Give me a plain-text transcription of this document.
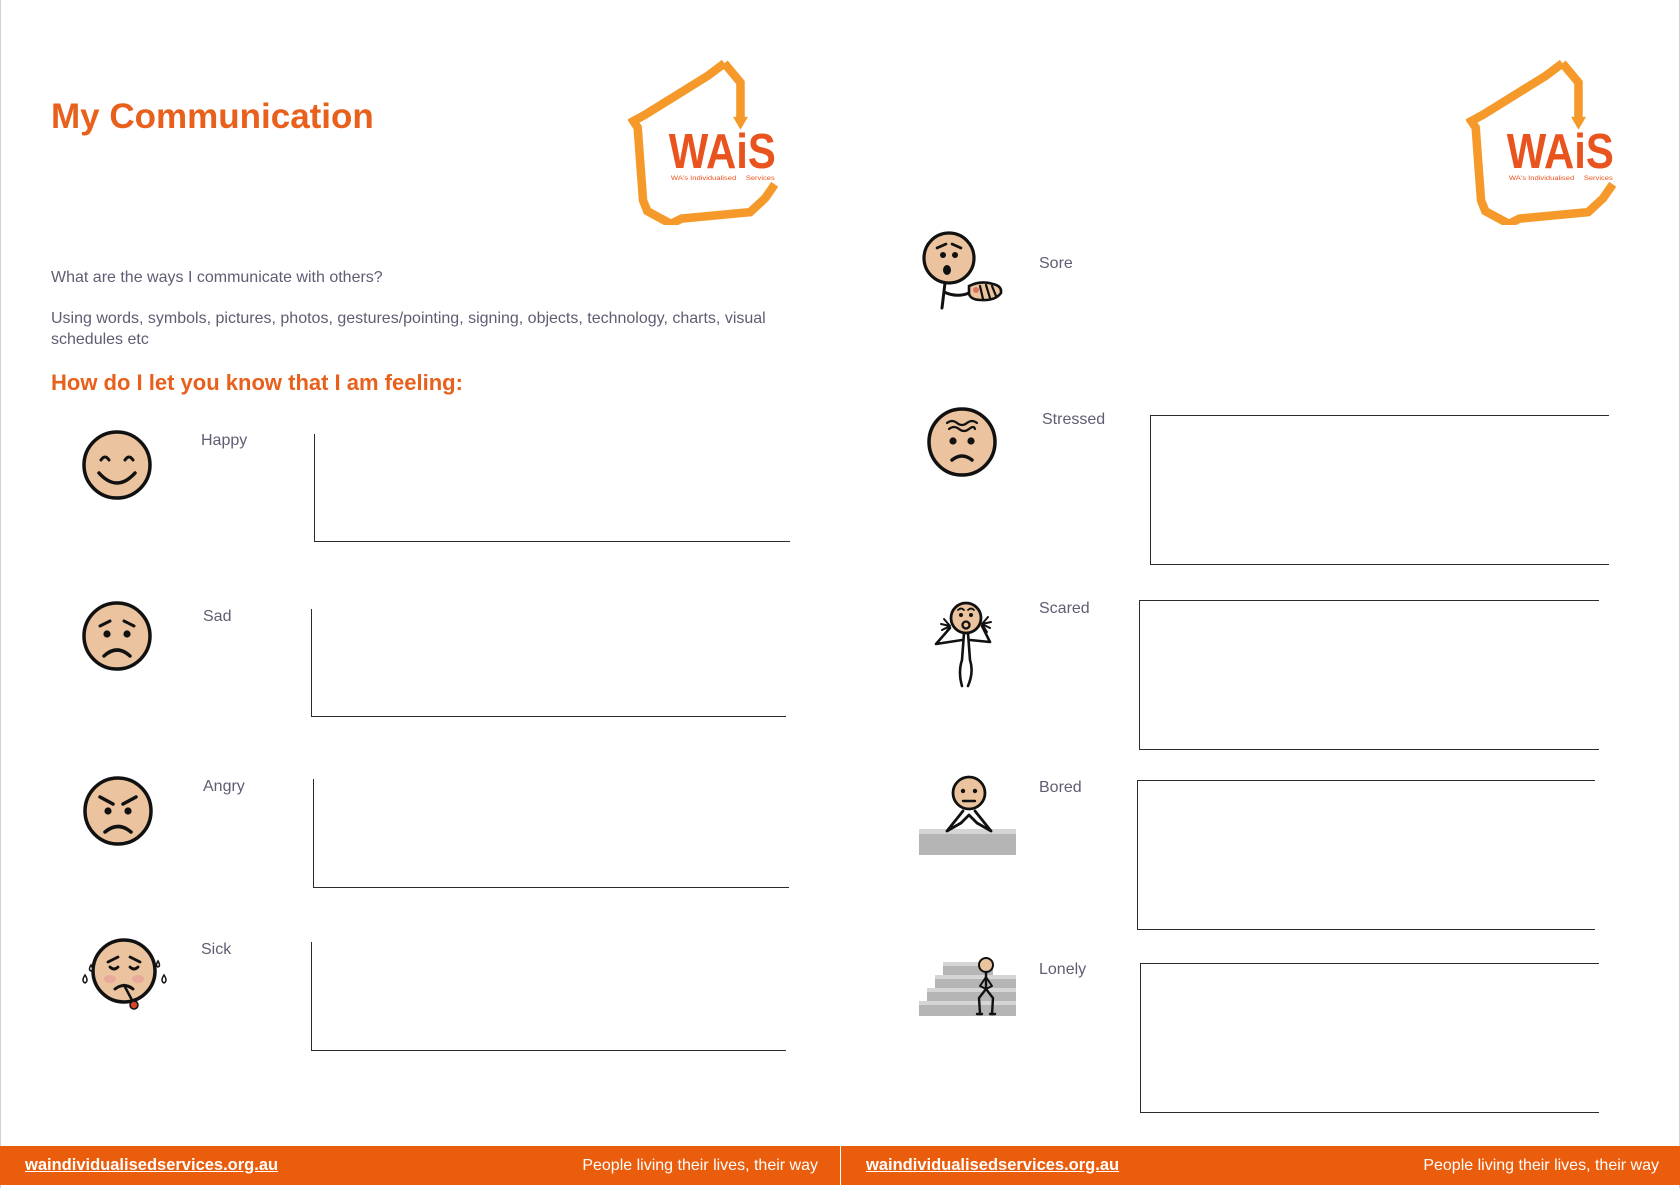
My Communication
WAiS
WA's Individualised Services
What are the ways I communicate with others?
Using words, symbols, pictures, photos, gestures/pointing, signing, objects, technology, charts, visual schedules etc
How do I let you know that I am feeling:
Happy
Sad
Angry
Sick
waindividualisedservices.org.au	People living their lives, their way
WAiS
WA's Individualised Services
Sore
Stressed
Scared
Bored
Lonely
waindividualisedservices.org.au	People living their lives, their way
